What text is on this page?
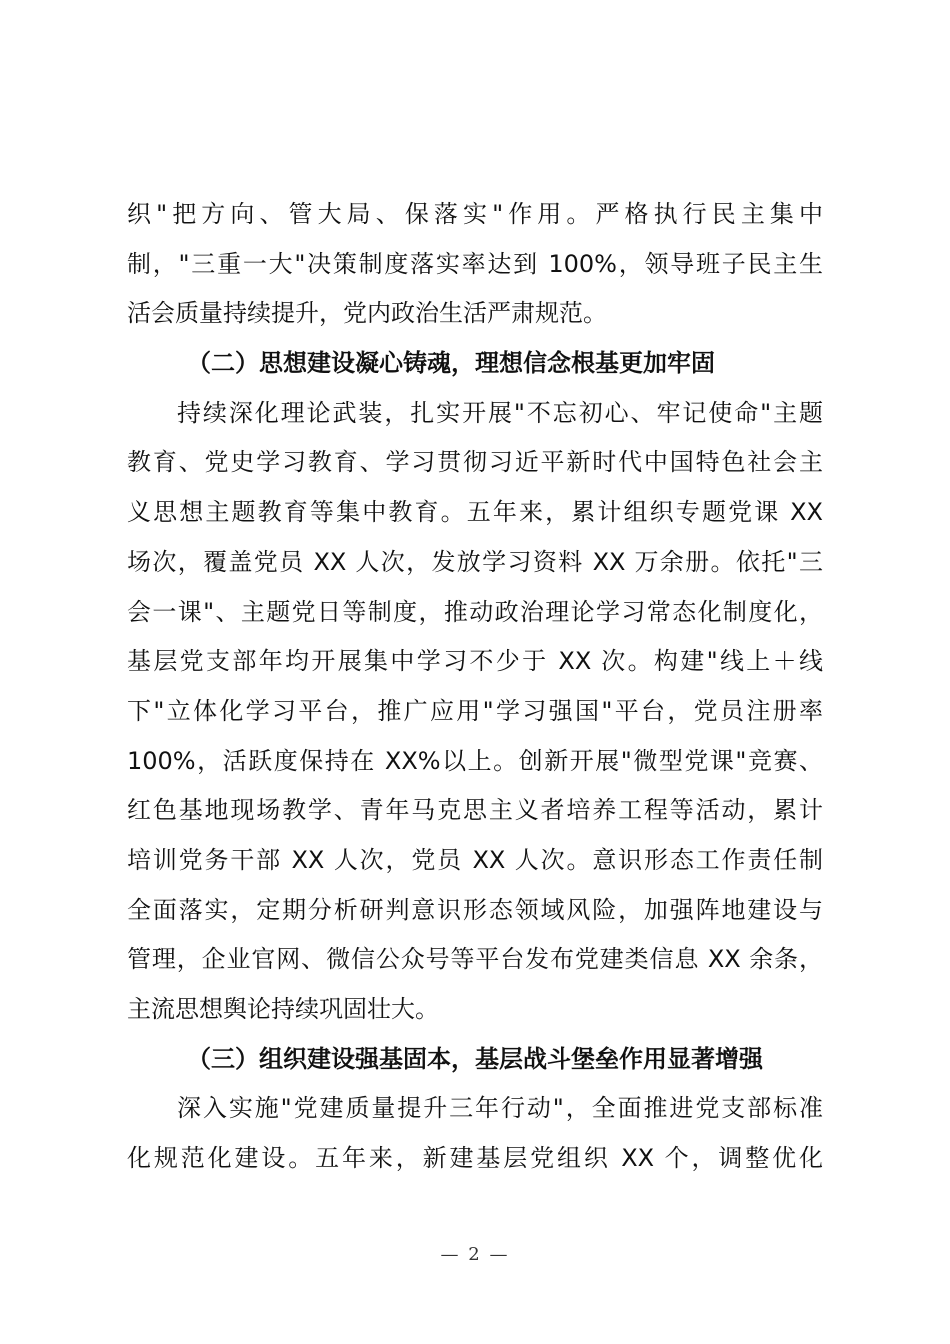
织"把方向、管大局、保落实"作用。严格执行民主集中
制，"三重一大"决策制度落实率达到 100%，领导班子民主生
活会质量持续提升，党内政治生活严肃规范。
（二）思想建设凝心铸魂，理想信念根基更加牢固
持续深化理论武装，扎实开展"不忘初心、牢记使命"主题
教育、党史学习教育、学习贯彻习近平新时代中国特色社会主
义思想主题教育等集中教育。五年来，累计组织专题党课 XX
场次，覆盖党员 XX 人次，发放学习资料 XX 万余册。依托"三
会一课"、主题党日等制度，推动政治理论学习常态化制度化，
基层党支部年均开展集中学习不少于 XX 次。构建"线上＋线
下"立体化学习平台，推广应用"学习强国"平台，党员注册率
100%，活跃度保持在 XX%以上。创新开展"微型党课"竞赛、
红色基地现场教学、青年马克思主义者培养工程等活动，累计
培训党务干部 XX 人次，党员 XX 人次。意识形态工作责任制
全面落实，定期分析研判意识形态领域风险，加强阵地建设与
管理，企业官网、微信公众号等平台发布党建类信息 XX 余条，
主流思想舆论持续巩固壮大。
（三）组织建设强基固本，基层战斗堡垒作用显著增强
深入实施"党建质量提升三年行动"，全面推进党支部标准
化规范化建设。五年来，新建基层党组织 XX 个，调整优化
— 2 —
